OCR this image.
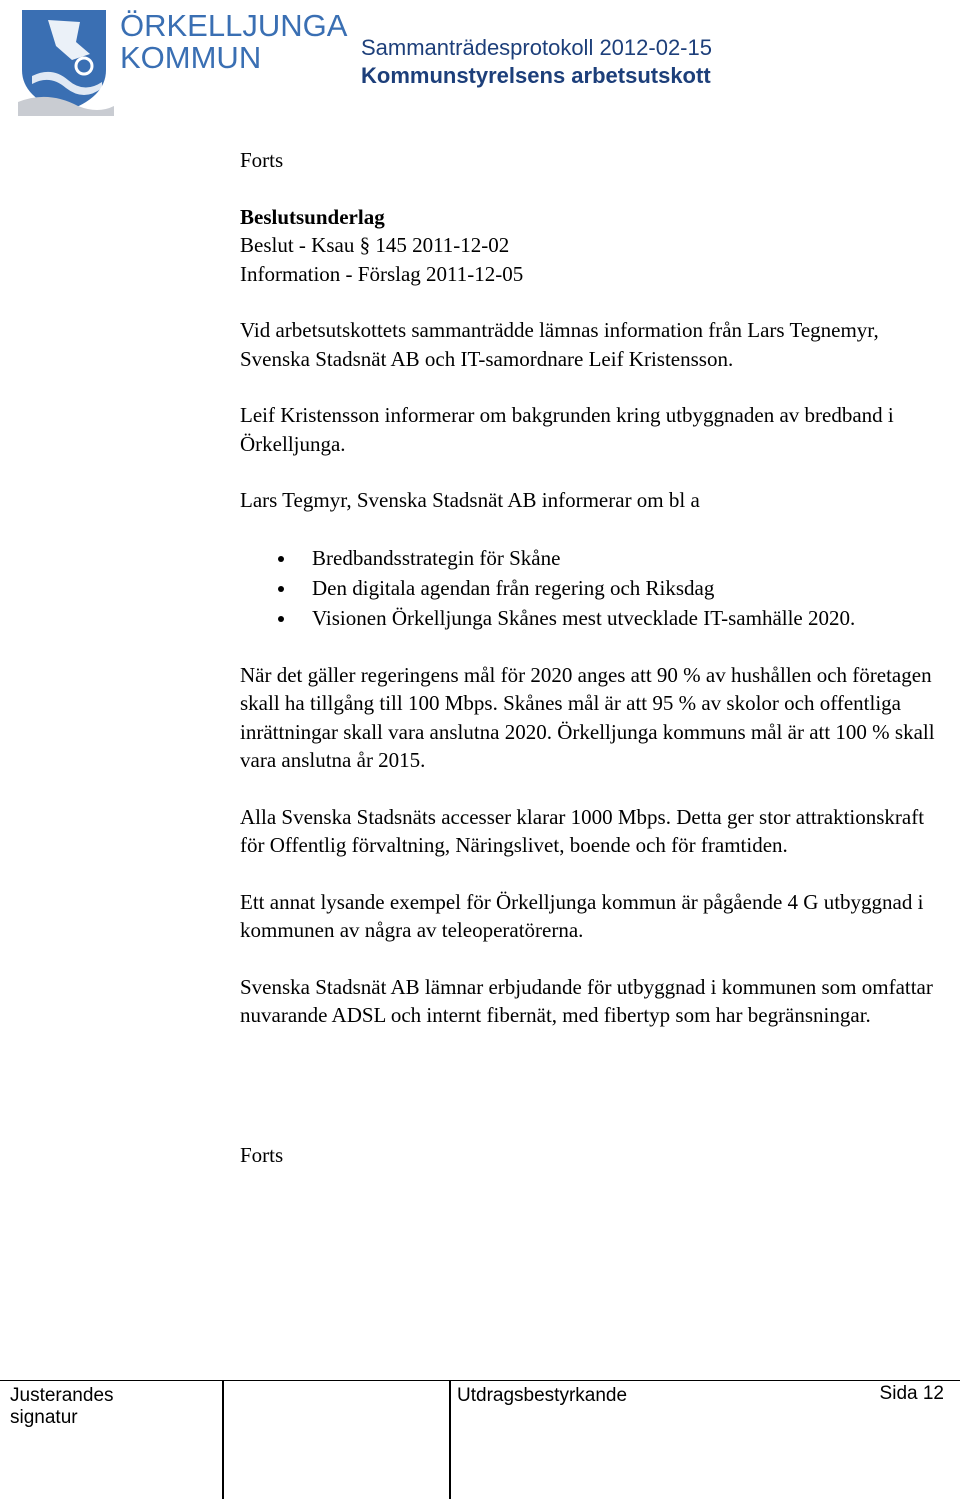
ÖRKELLJUNGA
KOMMUN	Sammanträdesprotokoll 2012-02-15
Kommunstyrelsens arbetsutskott

Forts

Beslutsunderlag

Beslut - Ksau § 145 2011-12-02

Information - Förslag 2011-12-05

Vid arbetsutskottets sammanträdde lämnas information från Lars Tegnemyr, Svenska Stadsnät AB och IT-samordnare Leif Kristensson.

Leif Kristensson informerar om bakgrunden kring utbyggnaden av bredband i Örkelljunga.

Lars Tegmyr, Svenska Stadsnät AB informerar om bl a

Bredbandsstrategin för Skåne
Den digitala agendan från regering och Riksdag
Visionen Örkelljunga Skånes mest utvecklade IT-samhälle 2020.

När det gäller regeringens mål för 2020 anges att 90 % av hushållen och företagen skall ha tillgång till 100 Mbps. Skånes mål är att 95 % av skolor och offentliga inrättningar skall vara anslutna 2020. Örkelljunga kommuns mål är att 100 % skall vara anslutna år 2015.

Alla Svenska Stadsnäts accesser klarar 1000 Mbps. Detta ger stor attraktionskraft för Offentlig förvaltning, Näringslivet, boende och för framtiden.

Ett annat lysande exempel för Örkelljunga kommun är pågående 4 G utbyggnad i kommunen av några av teleoperatörerna.

Svenska Stadsnät AB lämnar erbjudande för utbyggnad i kommunen som omfattar nuvarande ADSL och internt fibernät, med fibertyp som har begränsningar.

Forts
Justerandes
signatur
Utdragsbestyrkande	Sida 12
